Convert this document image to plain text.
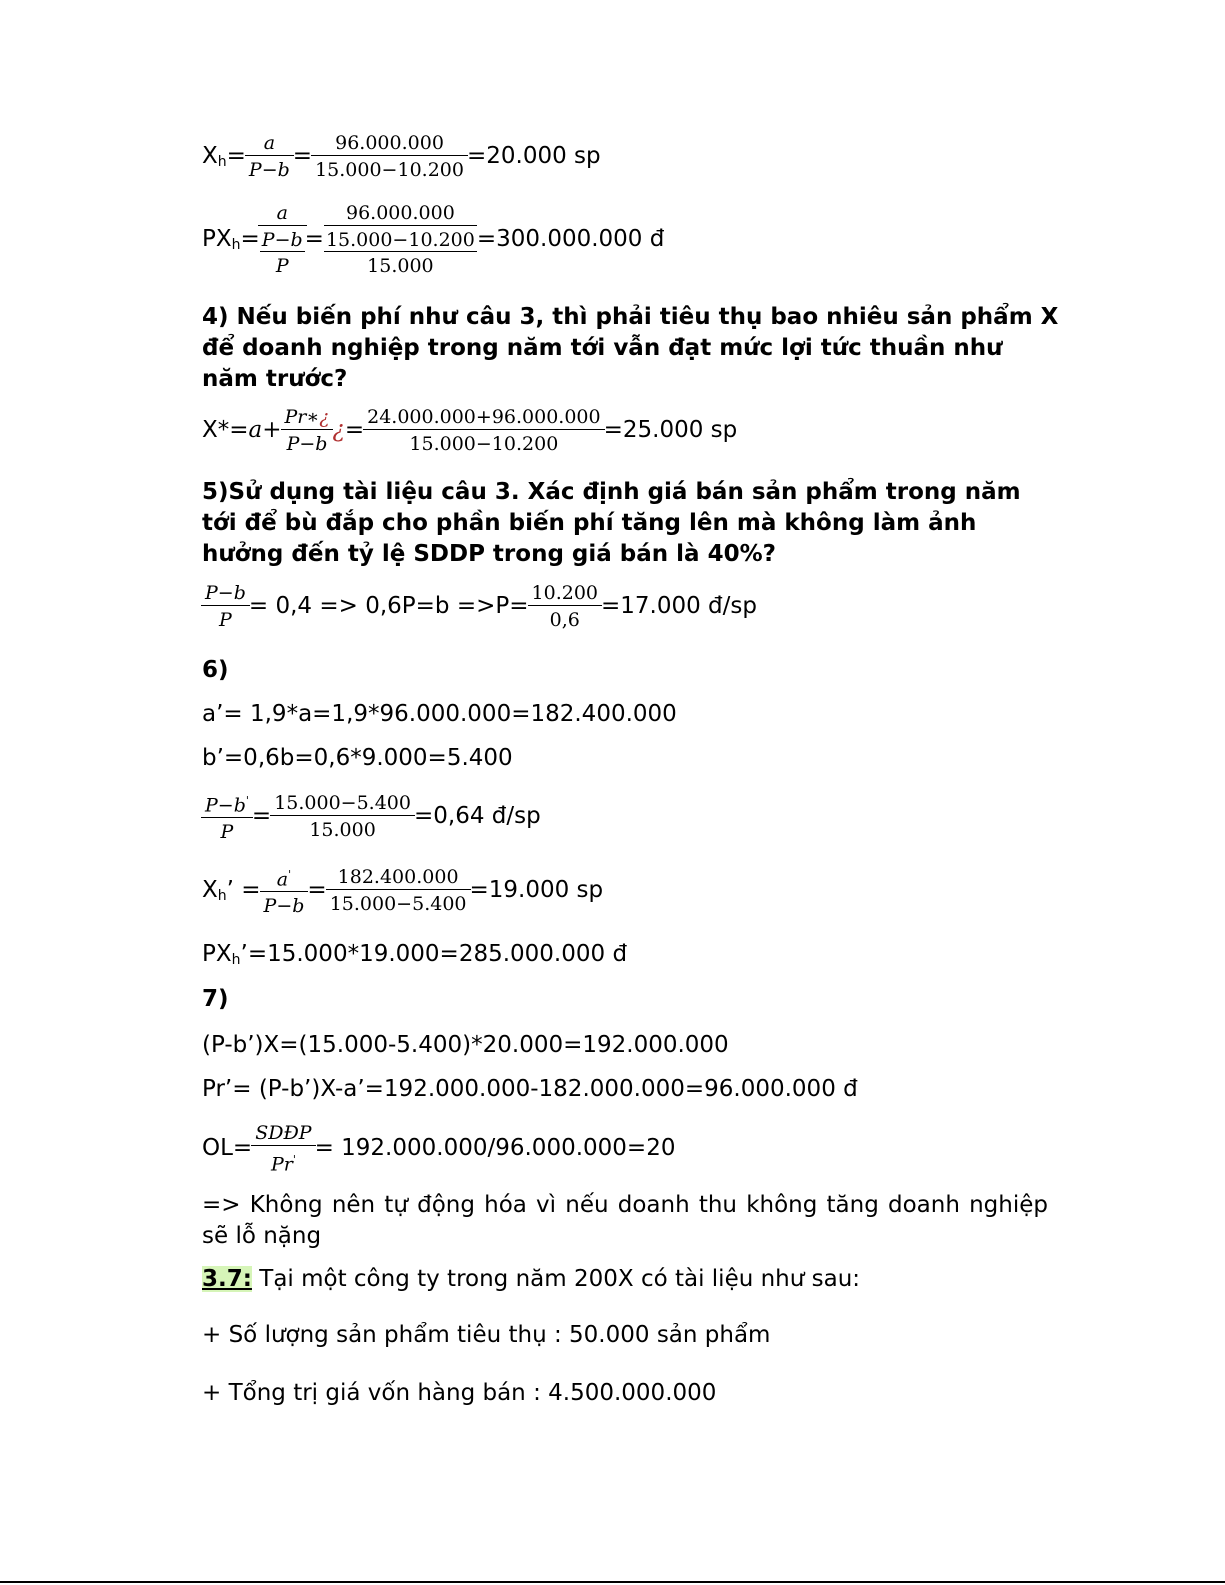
$X_h= \frac{a}{P-b} = \frac{96.000.000}{15.000-10.200} =20.000$ sp
$PX_h= \frac{\frac{a}{P-b}}{P}$ =
96.000.000
15.000−10.200
15.000
=300.000.000 đ
4) Nếu biến phí như câu 3, thì phải tiêu thụ bao nhiêu sản phẩm X để doanh nghiệp trong năm tới vẫn đạt mức lợi tức thuần như năm trước?
$X*=a+ \frac{Pr∗¿}{P-b}$ ¿= $\frac{24.000.000+96.000.000}{15.000-10.200} =25.000$ sp
5)Sử dụng tài liệu câu 3. Xác định giá bán sản phẩm trong năm tới để bù đắp cho phần biến phí tăng lên mà không làm ảnh hưởng đến tỷ lệ SDDP trong giá bán là 40%?
$\frac{P-b}{P} = 0,4 => 0,6P=b =>P= \frac{10.200}{0,6} =17.000$ đ/sp
6)
a’= 1,9*a=1,9*96.000.000=182.400.000
b’=0,6b=0,6*9.000=5.400
$\frac{P-b'}{P} = \frac{15.000-5.400}{15.000} =0,64$ đ/sp
$X_h$’ = $\frac{a'}{P-b} = \frac{182.400.000}{15.000-5.400} =19.000$ sp
$PX_h’=15.000*19.000=285.000.000$ đ
7)
(P-b’)X=(15.000-5.400)*20.000=192.000.000
Pr’= (P-b’)X-a’=192.000.000-182.000.000=96.000.000 đ
$OL= \frac{\text{SDĐP}}{Pr'} = 192.000.000/96.000.000=20$
=> Không nên tự động hóa vì nếu doanh thu không tăng doanh nghiệp sẽ lỗ nặng
3.7: Tại một công ty trong năm 200X có tài liệu như sau:
+ Số lượng sản phẩm tiêu thụ : 50.000 sản phẩm
+ Tổng trị giá vốn hàng bán : 4.500.000.000
